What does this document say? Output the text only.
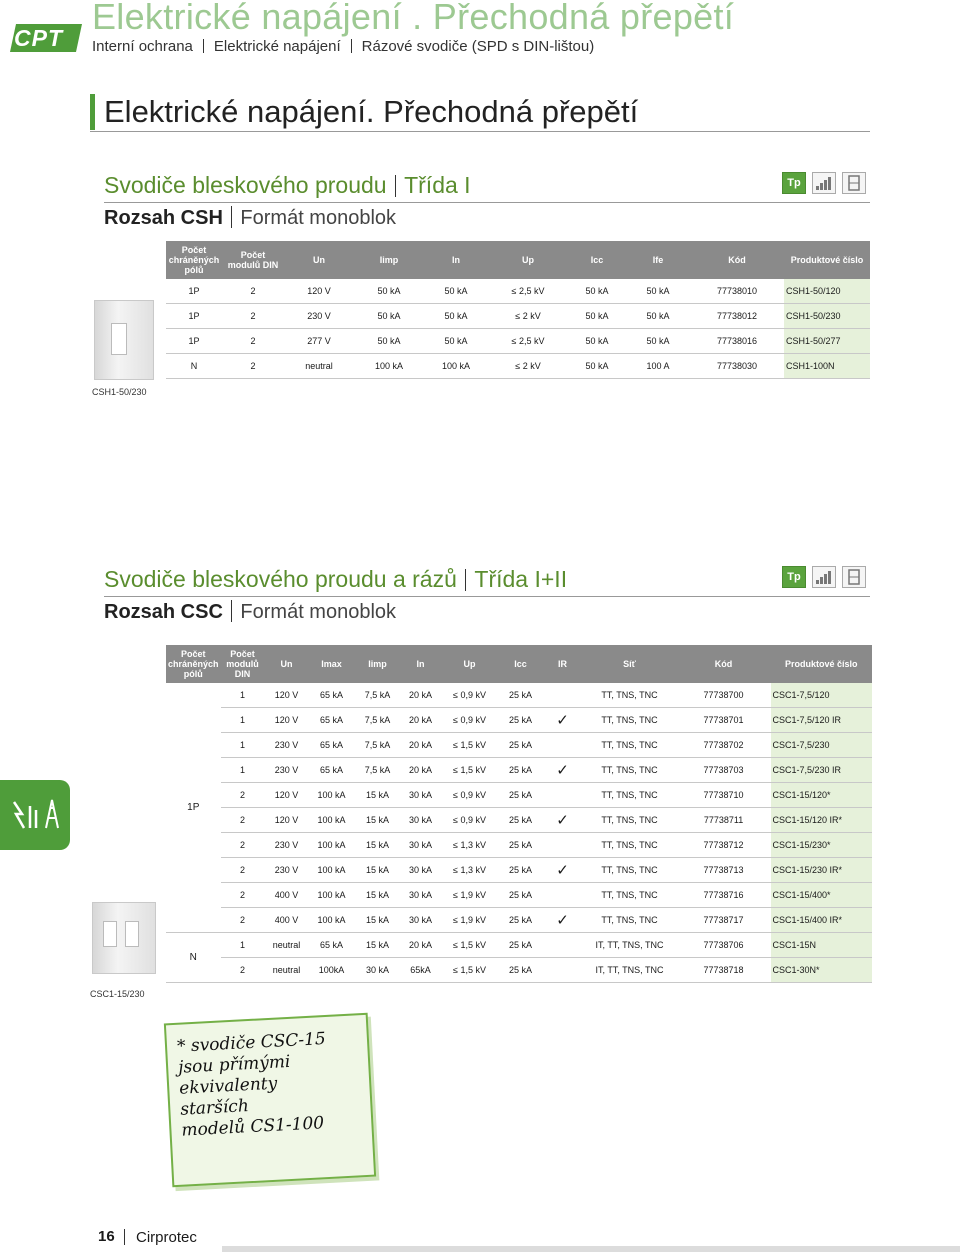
CPT
Elektrické napájení . Přechodná přepětí
Interní ochrana Elektrické napájení Rázové svodiče (SPD s DIN-lištou)
Elektrické napájení. Přechodná přepětí
Svodiče bleskového proudu Třída I	Tp
Rozsah CSH Formát monoblok
CSH1-50/230
Počet chráněných pólů	Počet modulů DIN	Un	Iimp	In	Up	Icc	Ife	Kód	Produktové číslo
1P	2	120 V	50 kA	50 kA	≤ 2,5 kV	50 kA	50 kA	77738010	CSH1-50/120
1P	2	230 V	50 kA	50 kA	≤ 2 kV	50 kA	50 kA	77738012	CSH1-50/230
1P	2	277 V	50 kA	50 kA	≤ 2,5 kV	50 kA	50 kA	77738016	CSH1-50/277
N	2	neutral	100 kA	100 kA	≤ 2 kV	50 kA	100 A	77738030	CSH1-100N
Svodiče bleskového proudu a rázů Třída I+II	Tp
Rozsah CSC Formát monoblok
CSC1-15/230
Počet chráněných pólů	Počet modulů DIN	Un	Imax	Iimp	In	Up	Icc	IR	Síť	Kód	Produktové číslo
1P	1	120 V	65 kA	7,5 kA	20 kA	≤ 0,9 kV	25 kA		TT, TNS, TNC	77738700	CSC1-7,5/120
	1	120 V	65 kA	7,5 kA	20 kA	≤ 0,9 kV	25 kA	✓	TT, TNS, TNC	77738701	CSC1-7,5/120 IR
	1	230 V	65 kA	7,5 kA	20 kA	≤ 1,5 kV	25 kA		TT, TNS, TNC	77738702	CSC1-7,5/230
	1	230 V	65 kA	7,5 kA	20 kA	≤ 1,5 kV	25 kA	✓	TT, TNS, TNC	77738703	CSC1-7,5/230 IR
	2	120 V	100 kA	15 kA	30 kA	≤ 0,9 kV	25 kA		TT, TNS, TNC	77738710	CSC1-15/120*
	2	120 V	100 kA	15 kA	30 kA	≤ 0,9 kV	25 kA	✓	TT, TNS, TNC	77738711	CSC1-15/120 IR*
	2	230 V	100 kA	15 kA	30 kA	≤ 1,3 kV	25 kA		TT, TNS, TNC	77738712	CSC1-15/230*
	2	230 V	100 kA	15 kA	30 kA	≤ 1,3 kV	25 kA	✓	TT, TNS, TNC	77738713	CSC1-15/230 IR*
	2	400 V	100 kA	15 kA	30 kA	≤ 1,9 kV	25 kA		TT, TNS, TNC	77738716	CSC1-15/400*
	2	400 V	100 kA	15 kA	30 kA	≤ 1,9 kV	25 kA	✓	TT, TNS, TNC	77738717	CSC1-15/400 IR*
N	1	neutral	65 kA	15 kA	20 kA	≤ 1,5 kV	25 kA		IT, TT, TNS, TNC	77738706	CSC1-15N
	2	neutral	100kA	30 kA	65kA	≤ 1,5 kV	25 kA		IT, TT, TNS, TNC	77738718	CSC1-30N*
* svodiče CSC-15
jsou přímými
ekvivalenty
starších
modelů CS1-100
16 Cirprotec
